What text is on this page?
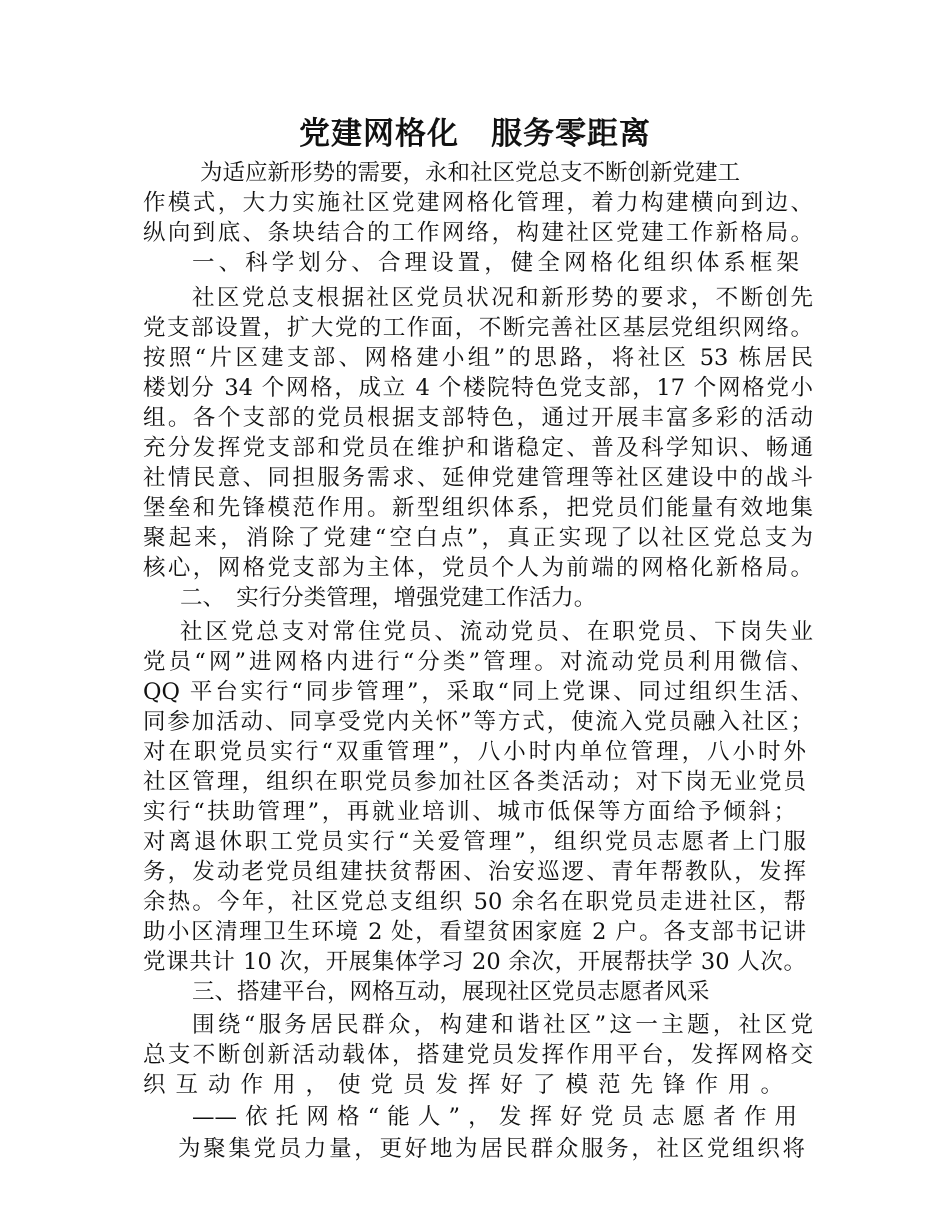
党建网格化　服务零距离
为适应新形势的需要，永和社区党总支不断创新党建工
作模式，大力实施社区党建网格化管理，着力构建横向到边、
纵向到底、条块结合的工作网络，构建社区党建工作新格局。
一、科学划分、合理设置，健全网格化组织体系框架
社区党总支根据社区党员状况和新形势的要求，不断创先
党支部设置，扩大党的工作面，不断完善社区基层党组织网络。
按照“片区建支部、网格建小组”的思路，将社区 53 栋居民
楼划分 34 个网格，成立 4 个楼院特色党支部，17 个网格党小
组。各个支部的党员根据支部特色，通过开展丰富多彩的活动
充分发挥党支部和党员在维护和谐稳定、普及科学知识、畅通
社情民意、同担服务需求、延伸党建管理等社区建设中的战斗
堡垒和先锋模范作用。新型组织体系，把党员们能量有效地集
聚起来，消除了党建“空白点”，真正实现了以社区党总支为
核心，网格党支部为主体，党员个人为前端的网格化新格局。
二、　实行分类管理，增强党建工作活力。
社区党总支对常住党员、流动党员、在职党员、下岗失业
党员“网”进网格内进行“分类”管理。对流动党员利用微信、
QQ 平台实行“同步管理”，采取“同上党课、同过组织生活、
同参加活动、同享受党内关怀”等方式，使流入党员融入社区；
对在职党员实行“双重管理”，八小时内单位管理，八小时外
社区管理，组织在职党员参加社区各类活动；对下岗无业党员
实行“扶助管理”，再就业培训、城市低保等方面给予倾斜；
对离退休职工党员实行“关爱管理”，组织党员志愿者上门服
务，发动老党员组建扶贫帮困、治安巡逻、青年帮教队，发挥
余热。今年，社区党总支组织 50 余名在职党员走进社区，帮
助小区清理卫生环境 2 处，看望贫困家庭 2 户。各支部书记讲
党课共计 10 次，开展集体学习 20 余次，开展帮扶学 30 人次。
三、搭建平台，网格互动，展现社区党员志愿者风采
围绕“服务居民群众，构建和谐社区”这一主题，社区党
总支不断创新活动载体，搭建党员发挥作用平台，发挥网格交
织互动作用，使党员发挥好了模范先锋作用。
——依托网格“能人”，发挥好党员志愿者作用
为聚集党员力量，更好地为居民群众服务，社区党组织将
